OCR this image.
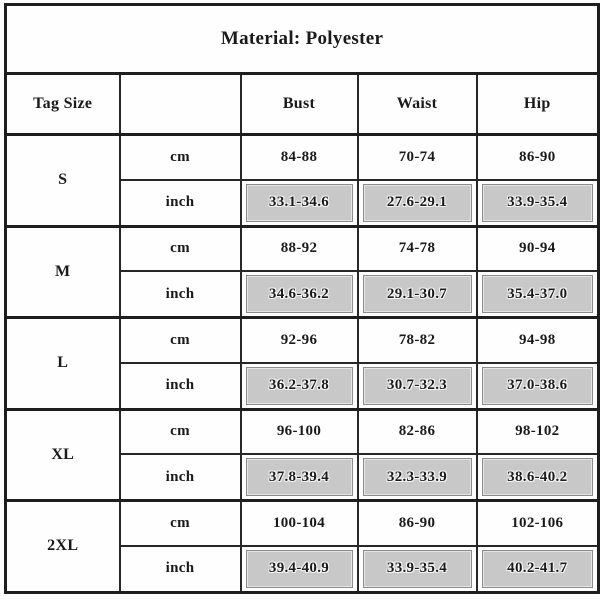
Material: Polyester				
Tag Size		Bust	Waist	Hip
S	cm	84-88	70-74	86-90
	inch	33.1-34.6	27.6-29.1	33.9-35.4

M	cm	88-92	74-78	90-94
	inch	34.6-36.2	29.1-30.7	35.4-37.0

L	cm	92-96	78-82	94-98
	inch	36.2-37.8	30.7-32.3	37.0-38.6

XL	cm	96-100	82-86	98-102
	inch	37.8-39.4	32.3-33.9	38.6-40.2

2XL	cm	100-104	86-90	102-106
	inch	39.4-40.9	33.9-35.4	40.2-41.7
